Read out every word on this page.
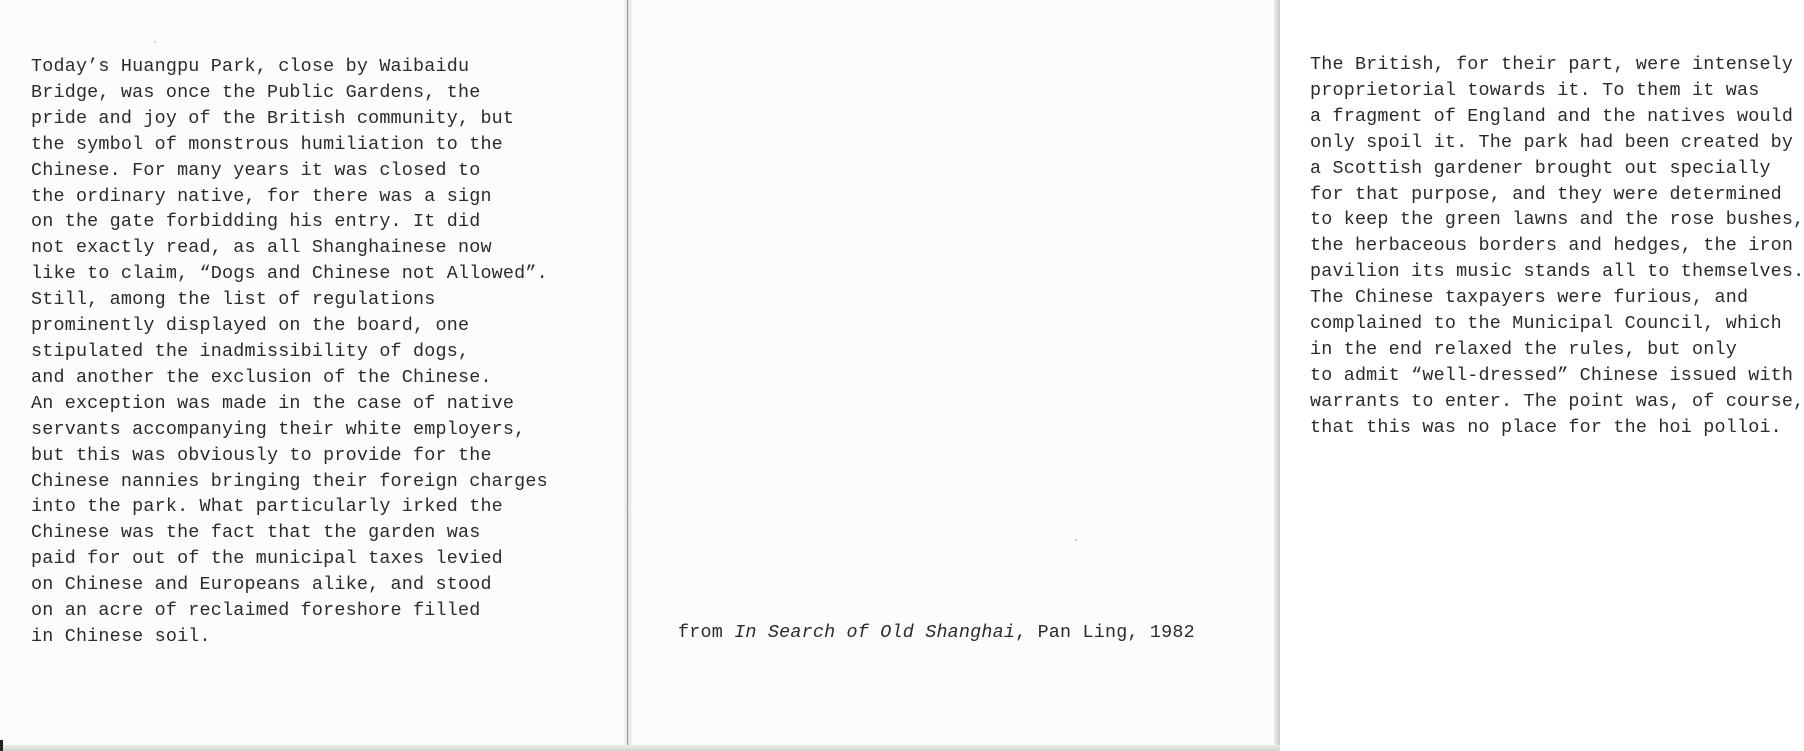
Today’s Huangpu Park, close by Waibaidu
Bridge, was once the Public Gardens, the
pride and joy of the British community, but
the symbol of monstrous humiliation to the
Chinese. For many years it was closed to
the ordinary native, for there was a sign
on the gate forbidding his entry. It did
not exactly read, as all Shanghainese now
like to claim, “Dogs and Chinese not Allowed”.
Still, among the list of regulations
prominently displayed on the board, one
stipulated the inadmissibility of dogs,
and another the exclusion of the Chinese.
An exception was made in the case of native
servants accompanying their white employers,
but this was obviously to provide for the
Chinese nannies bringing their foreign charges
into the park. What particularly irked the
Chinese was the fact that the garden was
paid for out of the municipal taxes levied
on Chinese and Europeans alike, and stood
on an acre of reclaimed foreshore filled
in Chinese soil.
The British, for their part, were intensely
proprietorial towards it. To them it was
a fragment of England and the natives would
only spoil it. The park had been created by
a Scottish gardener brought out specially
for that purpose, and they were determined
to keep the green lawns and the rose bushes,
the herbaceous borders and hedges, the iron
pavilion its music stands all to themselves.
The Chinese taxpayers were furious, and
complained to the Municipal Council, which
in the end relaxed the rules, but only
to admit “well-dressed” Chinese issued with
warrants to enter. The point was, of course,
that this was no place for the hoi polloi.
from In Search of Old Shanghai, Pan Ling, 1982
